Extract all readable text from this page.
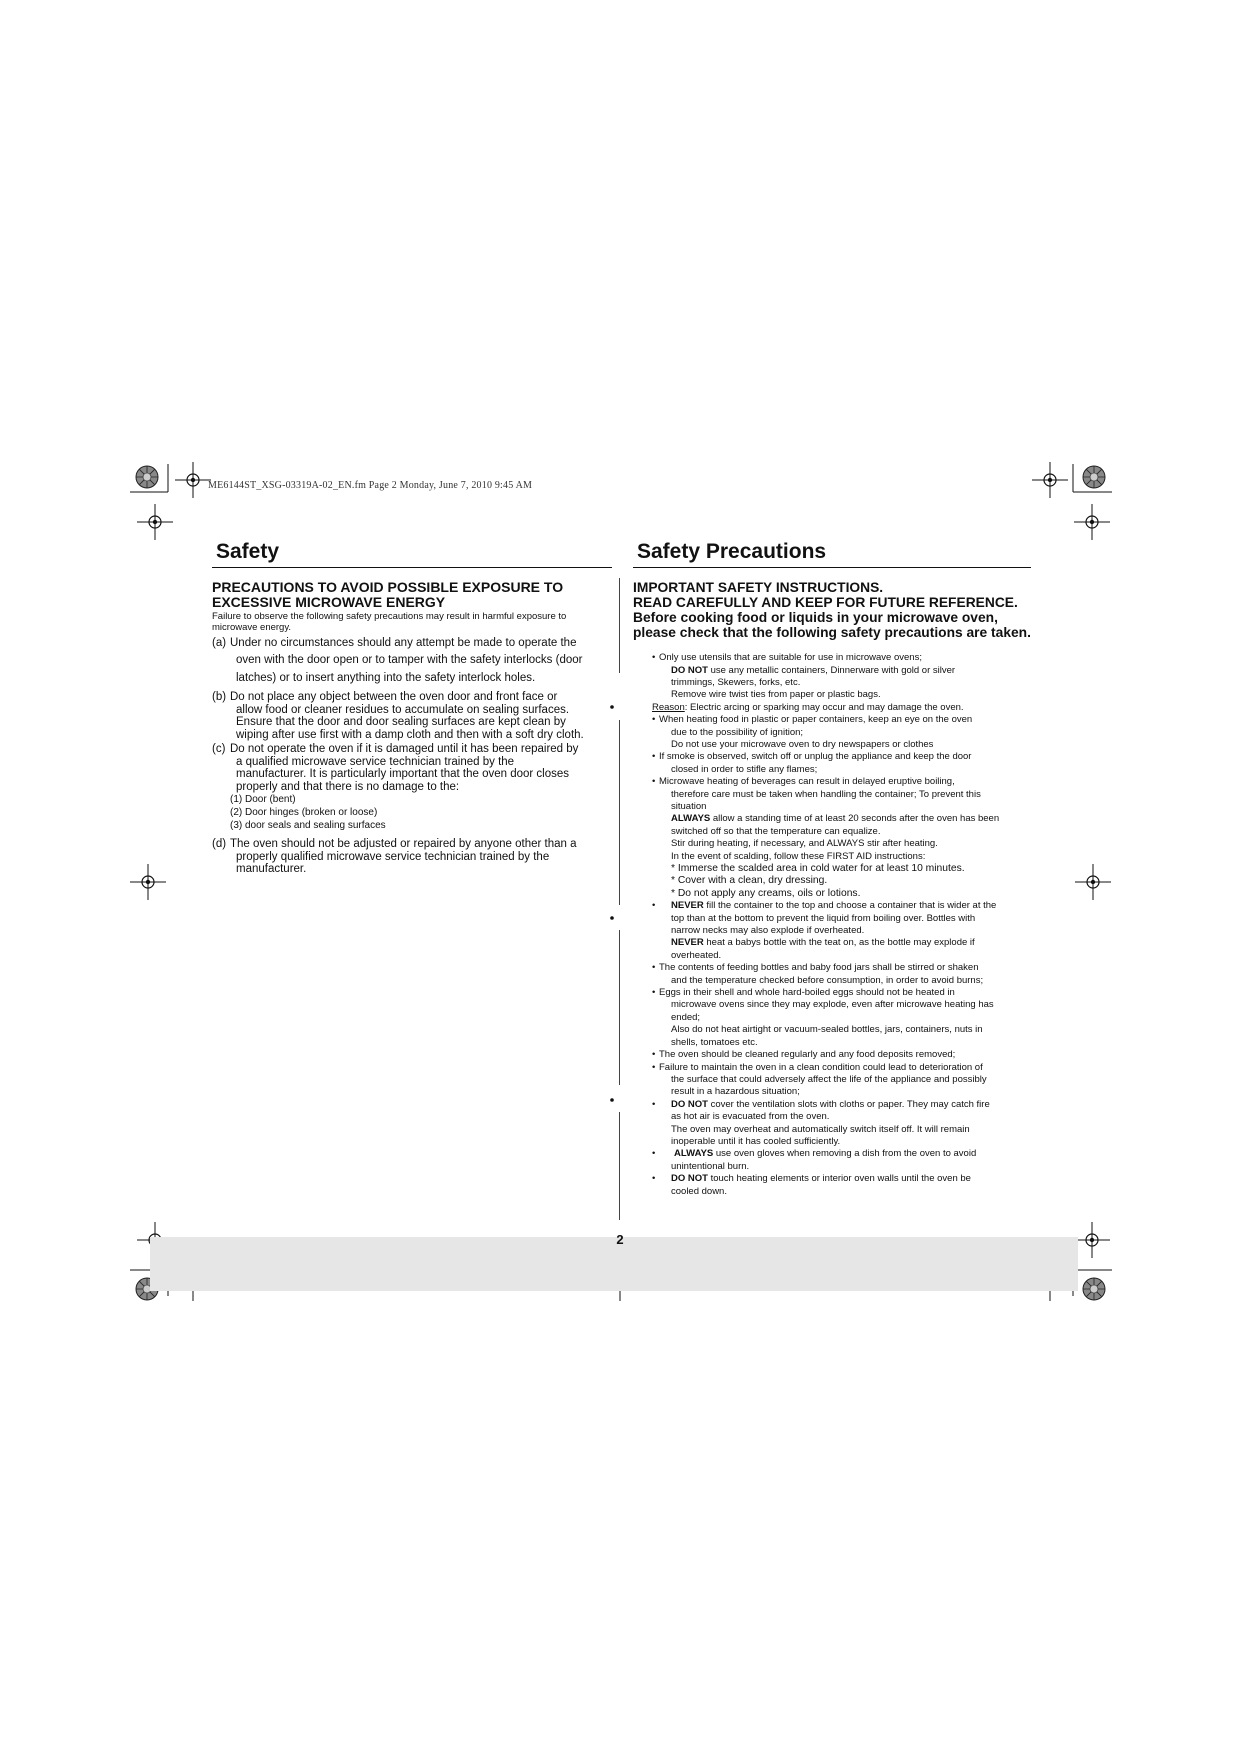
ME6144ST_XSG-03319A-02_EN.fm Page 2 Monday, June 7, 2010 9:45 AM
2
Safety
PRECAUTIONS TO AVOID POSSIBLE EXPOSURE TO
EXCESSIVE MICROWAVE ENERGY
Failure to observe the following safety precautions may result in harmful exposure to microwave energy.
(a) Under no circumstances should any attempt be made to operate the
oven with the door open or to tamper with the safety interlocks (door
latches) or to insert anything into the safety interlock holes.
(b) Do not place any object between the oven door and front face or
allow food or cleaner residues to accumulate on sealing surfaces.
Ensure that the door and door sealing surfaces are kept clean by
wiping after use first with a damp cloth and then with a soft dry cloth.
(c) Do not operate the oven if it is damaged until it has been repaired by
a qualified microwave service technician trained by the
manufacturer. It is particularly important that the oven door closes
properly and that there is no damage to the:
(1) Door (bent)
(2) Door hinges (broken or loose)
(3) door seals and sealing surfaces
(d) The oven should not be adjusted or repaired by anyone other than a
properly qualified microwave service technician trained by the
manufacturer.
Safety Precautions
IMPORTANT SAFETY INSTRUCTIONS.
READ CAREFULLY AND KEEP FOR FUTURE REFERENCE.
Before cooking food or liquids in your microwave oven,
please check that the following safety precautions are taken.
• Only use utensils that are suitable for use in microwave ovens;
DO NOT use any metallic containers, Dinnerware with gold or silver
trimmings, Skewers, forks, etc.
Remove wire twist ties from paper or plastic bags.
Reason: Electric arcing or sparking may occur and may damage the oven.
• When heating food in plastic or paper containers, keep an eye on the oven
due to the possibility of ignition;
Do not use your microwave oven to dry newspapers or clothes
• If smoke is observed, switch off or unplug the appliance and keep the door
closed in order to stifle any flames;
• Microwave heating of beverages can result in delayed eruptive boiling,
therefore care must be taken when handling the container; To prevent this
situation
ALWAYS allow a standing time of at least 20 seconds after the oven has been
switched off so that the temperature can equalize.
Stir during heating, if necessary, and ALWAYS stir after heating.
In the event of scalding, follow these FIRST AID instructions:
* Immerse the scalded area in cold water for at least 10 minutes.
* Cover with a clean, dry dressing.
* Do not apply any creams, oils or lotions.
• NEVER fill the container to the top and choose a container that is wider at the
top than at the bottom to prevent the liquid from boiling over. Bottles with
narrow necks may also explode if overheated.
NEVER heat a babys bottle with the teat on, as the bottle may explode if
overheated.
• The contents of feeding bottles and baby food jars shall be stirred or shaken
and the temperature checked before consumption, in order to avoid burns;
• Eggs in their shell and whole hard-boiled eggs should not be heated in
microwave ovens since they may explode, even after microwave heating has
ended;
Also do not heat airtight or vacuum-sealed bottles, jars, containers, nuts in
shells, tomatoes etc.
• The oven should be cleaned regularly and any food deposits removed;
• Failure to maintain the oven in a clean condition could lead to deterioration of
the surface that could adversely affect the life of the appliance and possibly
result in a hazardous situation;
• DO NOT cover the ventilation slots with cloths or paper. They may catch fire
as hot air is evacuated from the oven.
The oven may overheat and automatically switch itself off. It will remain
inoperable until it has cooled sufficiently.
• ALWAYS use oven gloves when removing a dish from the oven to avoid
unintentional burn.
• DO NOT touch heating elements or interior oven walls until the oven be
cooled down.
